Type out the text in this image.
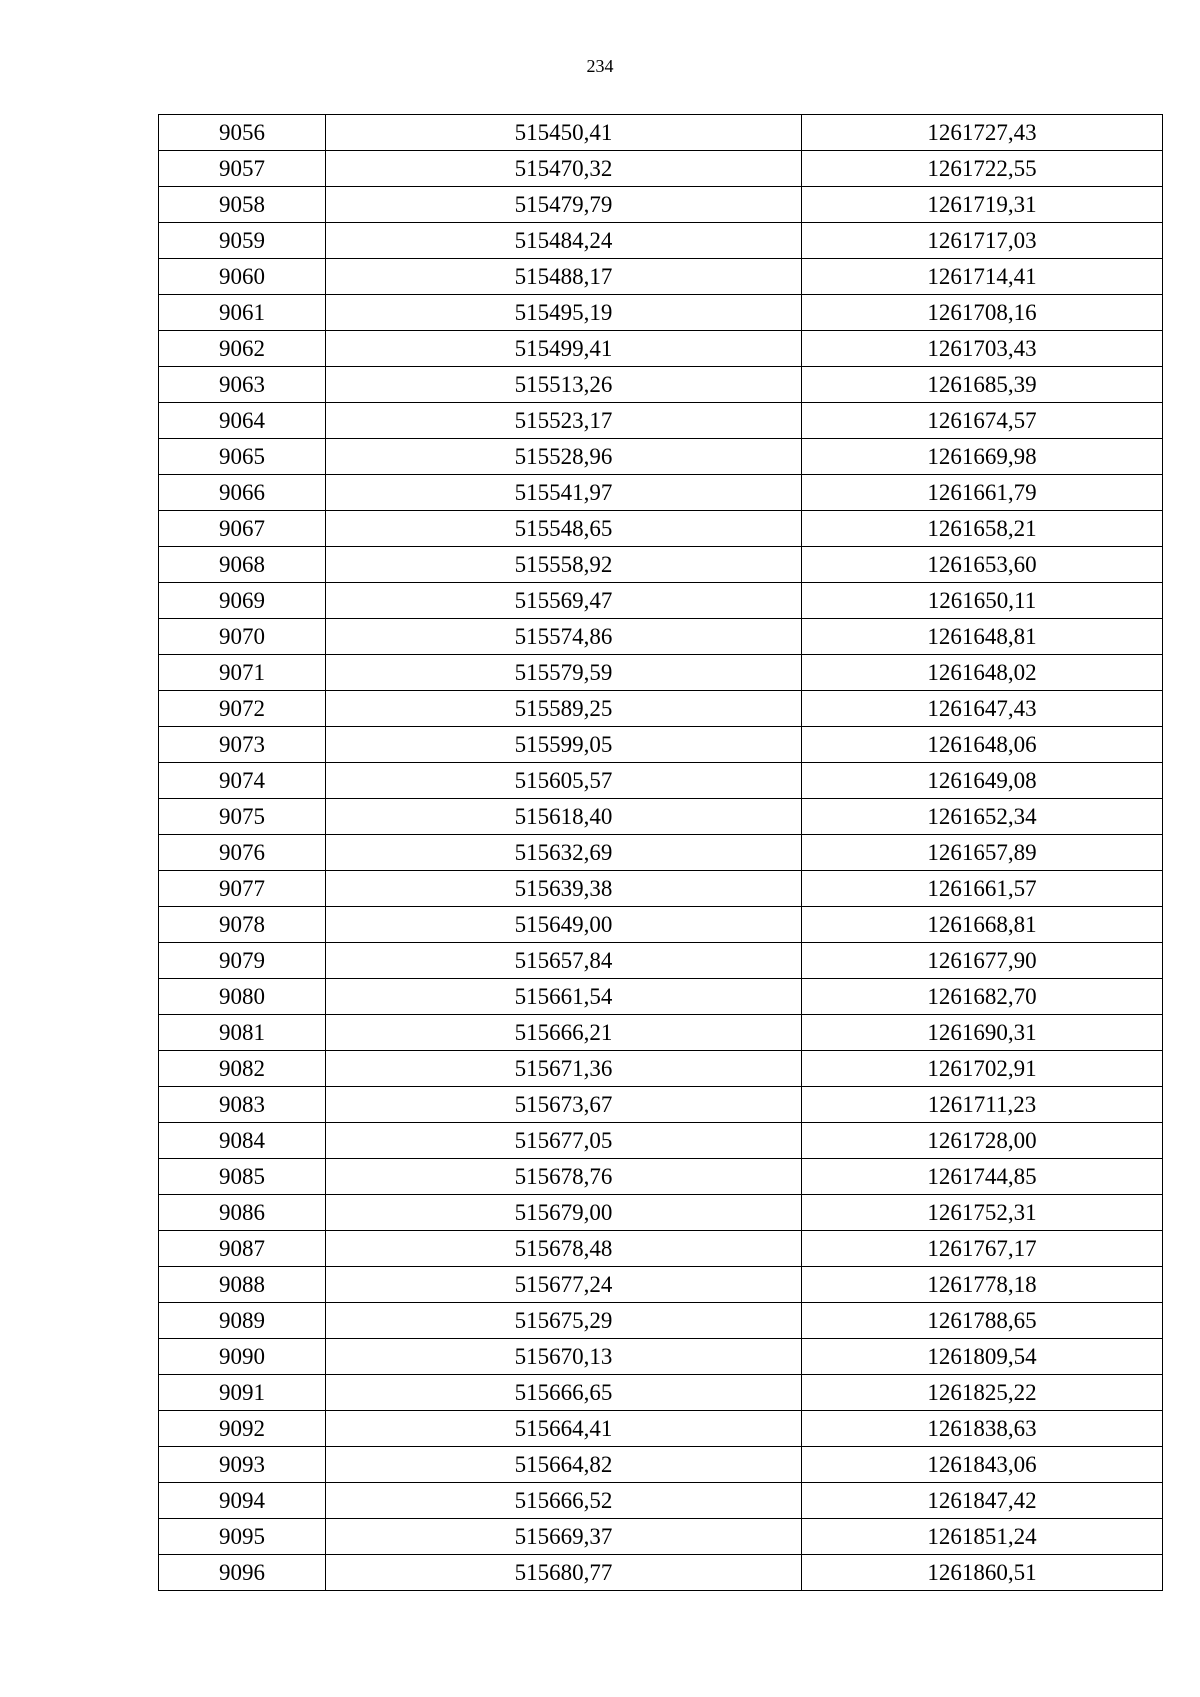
234
9056	515450,41	1261727,43
9057	515470,32	1261722,55
9058	515479,79	1261719,31
9059	515484,24	1261717,03
9060	515488,17	1261714,41
9061	515495,19	1261708,16
9062	515499,41	1261703,43
9063	515513,26	1261685,39
9064	515523,17	1261674,57
9065	515528,96	1261669,98
9066	515541,97	1261661,79
9067	515548,65	1261658,21
9068	515558,92	1261653,60
9069	515569,47	1261650,11
9070	515574,86	1261648,81
9071	515579,59	1261648,02
9072	515589,25	1261647,43
9073	515599,05	1261648,06
9074	515605,57	1261649,08
9075	515618,40	1261652,34
9076	515632,69	1261657,89
9077	515639,38	1261661,57
9078	515649,00	1261668,81
9079	515657,84	1261677,90
9080	515661,54	1261682,70
9081	515666,21	1261690,31
9082	515671,36	1261702,91
9083	515673,67	1261711,23
9084	515677,05	1261728,00
9085	515678,76	1261744,85
9086	515679,00	1261752,31
9087	515678,48	1261767,17
9088	515677,24	1261778,18
9089	515675,29	1261788,65
9090	515670,13	1261809,54
9091	515666,65	1261825,22
9092	515664,41	1261838,63
9093	515664,82	1261843,06
9094	515666,52	1261847,42
9095	515669,37	1261851,24
9096	515680,77	1261860,51
